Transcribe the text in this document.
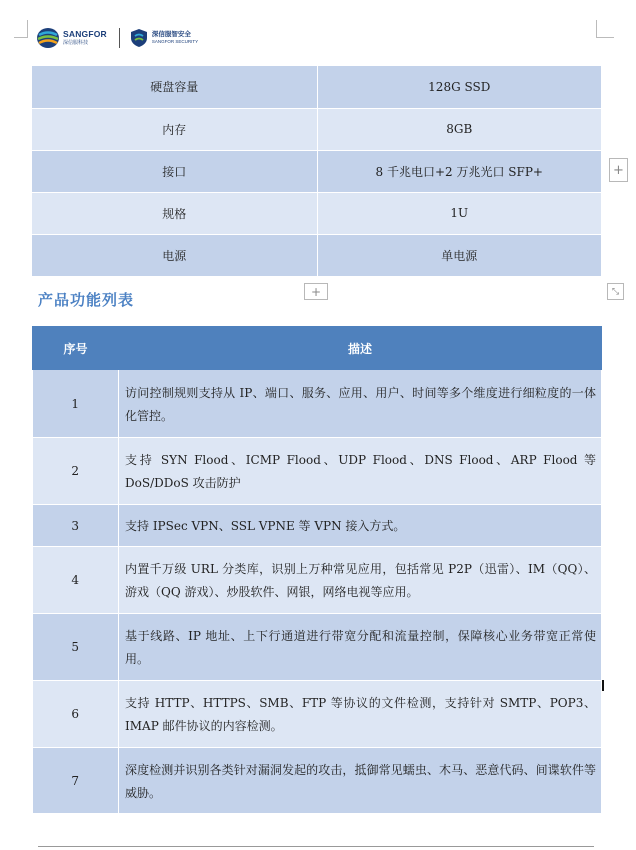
SANGFOR
深信服科技
深信服智安全
SANGFOR SECURITY
硬盘容量	128G SSD
内存	8GB
接口	8 千兆电口+2 万兆光口 SFP+
规格	1U
电源	单电源
+
+	⤡
产品功能列表
序号	描述
1	访问控制规则支持从 IP、端口、服务、应用、用户、时间等多个维度进行细粒度的一体化管控。
2	支持 SYN Flood、ICMP Flood、UDP Flood、DNS Flood、ARP Flood 等 DoS/DDoS 攻击防护
3	支持 IPSec VPN、SSL VPNE 等 VPN 接入方式。
4	内置千万级 URL 分类库，识别上万种常见应用，包括常见 P2P（迅雷）、IM（QQ）、游戏（QQ 游戏）、炒股软件、网银，网络电视等应用。
5	基于线路、IP 地址、上下行通道进行带宽分配和流量控制，保障核心业务带宽正常使用。
6	支持 HTTP、HTTPS、SMB、FTP 等协议的文件检测，支持针对 SMTP、POP3、IMAP 邮件协议的内容检测。
7	深度检测并识别各类针对漏洞发起的攻击，抵御常见蠕虫、木马、恶意代码、间谍软件等威胁。
